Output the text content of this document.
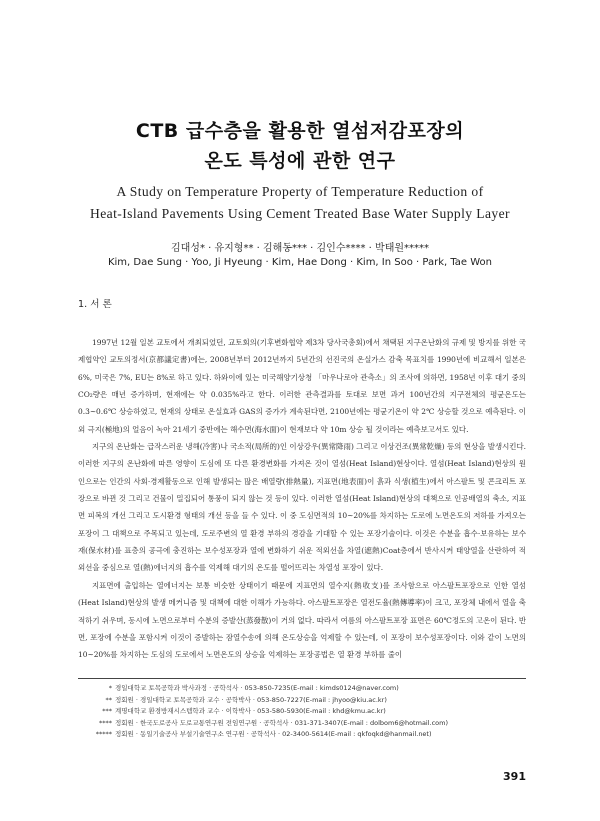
CTB 급수층을 활용한 열섬저감포장의
온도 특성에 관한 연구
A Study on Temperature Property of Temperature Reduction of
Heat-Island Pavements Using Cement Treated Base Water Supply Layer
김대성* · 유지형** · 김해동*** · 김인수**** · 박태원*****
Kim, Dae Sung · Yoo, Ji Hyeung · Kim, Hae Dong · Kim, In Soo · Park, Tae Won
1. 서 론

1997년 12월 일본 교토에서 개최되었던, 교토회의(기후변화협약 제3차 당사국총회)에서 채택된 지구온난화의 규제 및 방지를 위한 국제협약인 교토의정서(京都議定書)에는, 2008년부터 2012년까지 5년간의 선진국의 온실가스 감축 목표치를 1990년에 비교해서 일본은 6%, 미국은 7%, EU는 8%로 하고 있다. 하와이에 있는 미국해양기상청 「마우나로아 관측소」의 조사에 의하면, 1958년 이후 대기 중의 CO₂량은 매년 증가하며, 현재에는 약 0.035%라고 한다. 이러한 관측결과를 토대로 보면 과거 100년간의 지구전체의 평균온도는 0.3~0.6℃ 상승하였고, 현재의 상태로 온실효과 GAS의 증가가 계속된다면, 2100년에는 평균기온이 약 2℃ 상승할 것으로 예측된다. 이 외 극지(極地)의 얼음이 녹아 21세기 중반에는 해수면(海水面)이 현재보다 약 10m 상승 될 것이라는 예측보고서도 있다.

지구의 온난화는 급작스러운 냉해(冷害)나 국소적(局所的)인 이상강우(異常降雨) 그리고 이상건조(異常乾燥) 등의 현상을 발생시킨다. 이러한 지구의 온난화에 따른 영향이 도심에 또 다른 환경변화를 가져온 것이 열섬(Heat Island)현상이다. 열섬(Heat Island)현상의 원인으로는 인간의 사회·경제활동으로 인해 발생되는 많은 배열량(排熱量), 지표면(地表面)이 흙과 식생(植生)에서 아스팔트 및 콘크리트 포장으로 바뀐 것 그리고 건물이 밀집되어 통풍이 되지 않는 것 등이 있다. 이러한 열섬(Heat Island)현상의 대책으로 인공배열의 축소, 지표면 피복의 개선 그리고 도시환경 형태의 개선 등을 들 수 있다. 이 중 도심면적의 10~20%를 차지하는 도로에 노면온도의 저하를 가져오는 포장이 그 대책으로 주목되고 있는데, 도로주변의 열 환경 부하의 경감을 기대할 수 있는 포장기술이다. 이것은 수분을 흡수·보유하는 보수재(保水材)를 표층의 공극에 충진하는 보수성포장과 열에 변화하기 쉬운 적외선을 차열(遮熱)Coat층에서 반사시켜 태양열을 산란하여 적외선을 중심으로 열(熱)에너지의 흡수를 억제해 대기의 온도를 떨어뜨리는 차열성 포장이 있다.

지표면에 출입하는 열에너지는 보통 비슷한 상태이기 때문에 지표면의 열수지(熱收支)를 조사함으로 아스팔트포장으로 인한 열섬(Heat Island)현상의 발생 메커니즘 및 대책에 대한 이해가 가능하다. 아스팔트포장은 열전도율(熱傳導率)이 크고, 포장체 내에서 열을 축적하기 쉬우며, 동시에 노면으로부터 수분의 증발산(蒸發散)이 거의 없다. 따라서 여름의 아스팔트포장 표면은 60℃정도의 고온이 된다. 반면, 포장에 수분을 포함시켜 이것이 증발하는 잠열수송에 의해 온도상승을 억제할 수 있는데, 이 포장이 보수성포장이다. 이와 같이 노면의 10~20%를 차지하는 도심의 도로에서 노면온도의 상승을 억제하는 포장공법은 열 환경 부하를 줄이

* 경일대학교 토목공학과 박사과정 · 공학석사 · 053-850-7235(E-mail : kimds0124@naver.com)
** 정회원 · 경일대학교 토목공학과 교수 · 공학박사 · 053-850-7227(E-mail : jhyoo@kiu.ac.kr)
*** 계명대학교 환경방재시스템학과 교수 · 이학박사 · 053-580-5930(E-mail : khd@kmu.ac.kr)
**** 정회원 · 한국도로공사 도로교통연구원 전임연구원 · 공학석사 · 031-371-3407(E-mail : dolbom6@hotmail.com)
***** 정회원 · 동일기술공사 부설기술연구소 연구원 · 공학석사 · 02-3400-5614(E-mail : qkfoqkd@hanmail.net)
391
